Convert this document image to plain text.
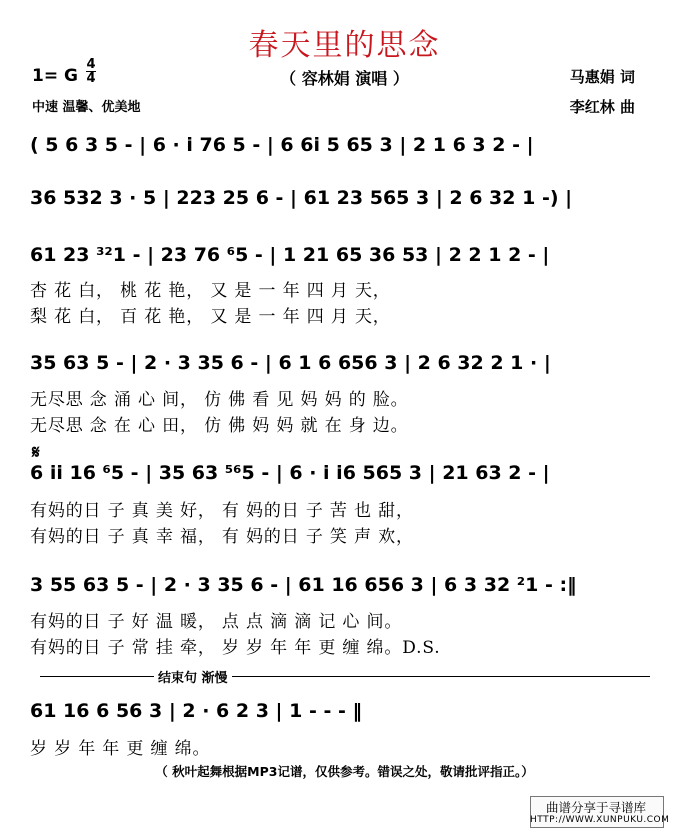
春天里的思念
（ 容林娟 演唱 ）
1= G
4
4
中速 温馨、优美地
马惠娟 词
李红林 曲
( 5 6 3 5 - | 6 · i 76 5 - | 6 6i 5 65 3 | 2 1 6 3 2 - |
36 532 3 · 5 | 223 25 6 - | 61 23 565 3 | 2 6 32 1 -) |
61 23 ³²1 - | 23 76 ⁶5 - | 1 21 65 36 53 | 2 2 1 2 - |
杏 花 白， 桃 花 艳， 又 是 一 年 四 月 天，
梨 花 白， 百 花 艳， 又 是 一 年 四 月 天，
35 63 5 - | 2 · 3 35 6 - | 6 1 6 656 3 | 2 6 32 2 1 · |
无尽思 念 涌 心 间， 仿 佛 看 见 妈 妈 的 脸。
无尽思 念 在 心 田， 仿 佛 妈 妈 就 在 身 边。
𝄋
6 ii 16 ⁶5 - | 35 63 ⁵⁶5 - | 6 · i i6 565 3 | 21 63 2 - |
有妈的日 子 真 美 好， 有 妈的日 子 苦 也 甜，
有妈的日 子 真 幸 福， 有 妈的日 子 笑 声 欢，
3 55 63 5 - | 2 · 3 35 6 - | 61 16 656 3 | 6 3 32 ²1 - :‖
有妈的日 子 好 温 暖， 点 点 滴 滴 记 心 间。
有妈的日 子 常 挂 牵， 岁 岁 年 年 更 缠 绵。D.S.
结束句 渐慢
61 16 6 56 3 | 2 · 6 2 3 | 1 - - - ‖
岁 岁 年 年 更 缠 绵。
（ 秋叶起舞根据MP3记谱，仅供参考。错误之处，敬请批评指正。）
曲谱分享于寻谱库
HTTP://WWW.XUNPUKU.COM
